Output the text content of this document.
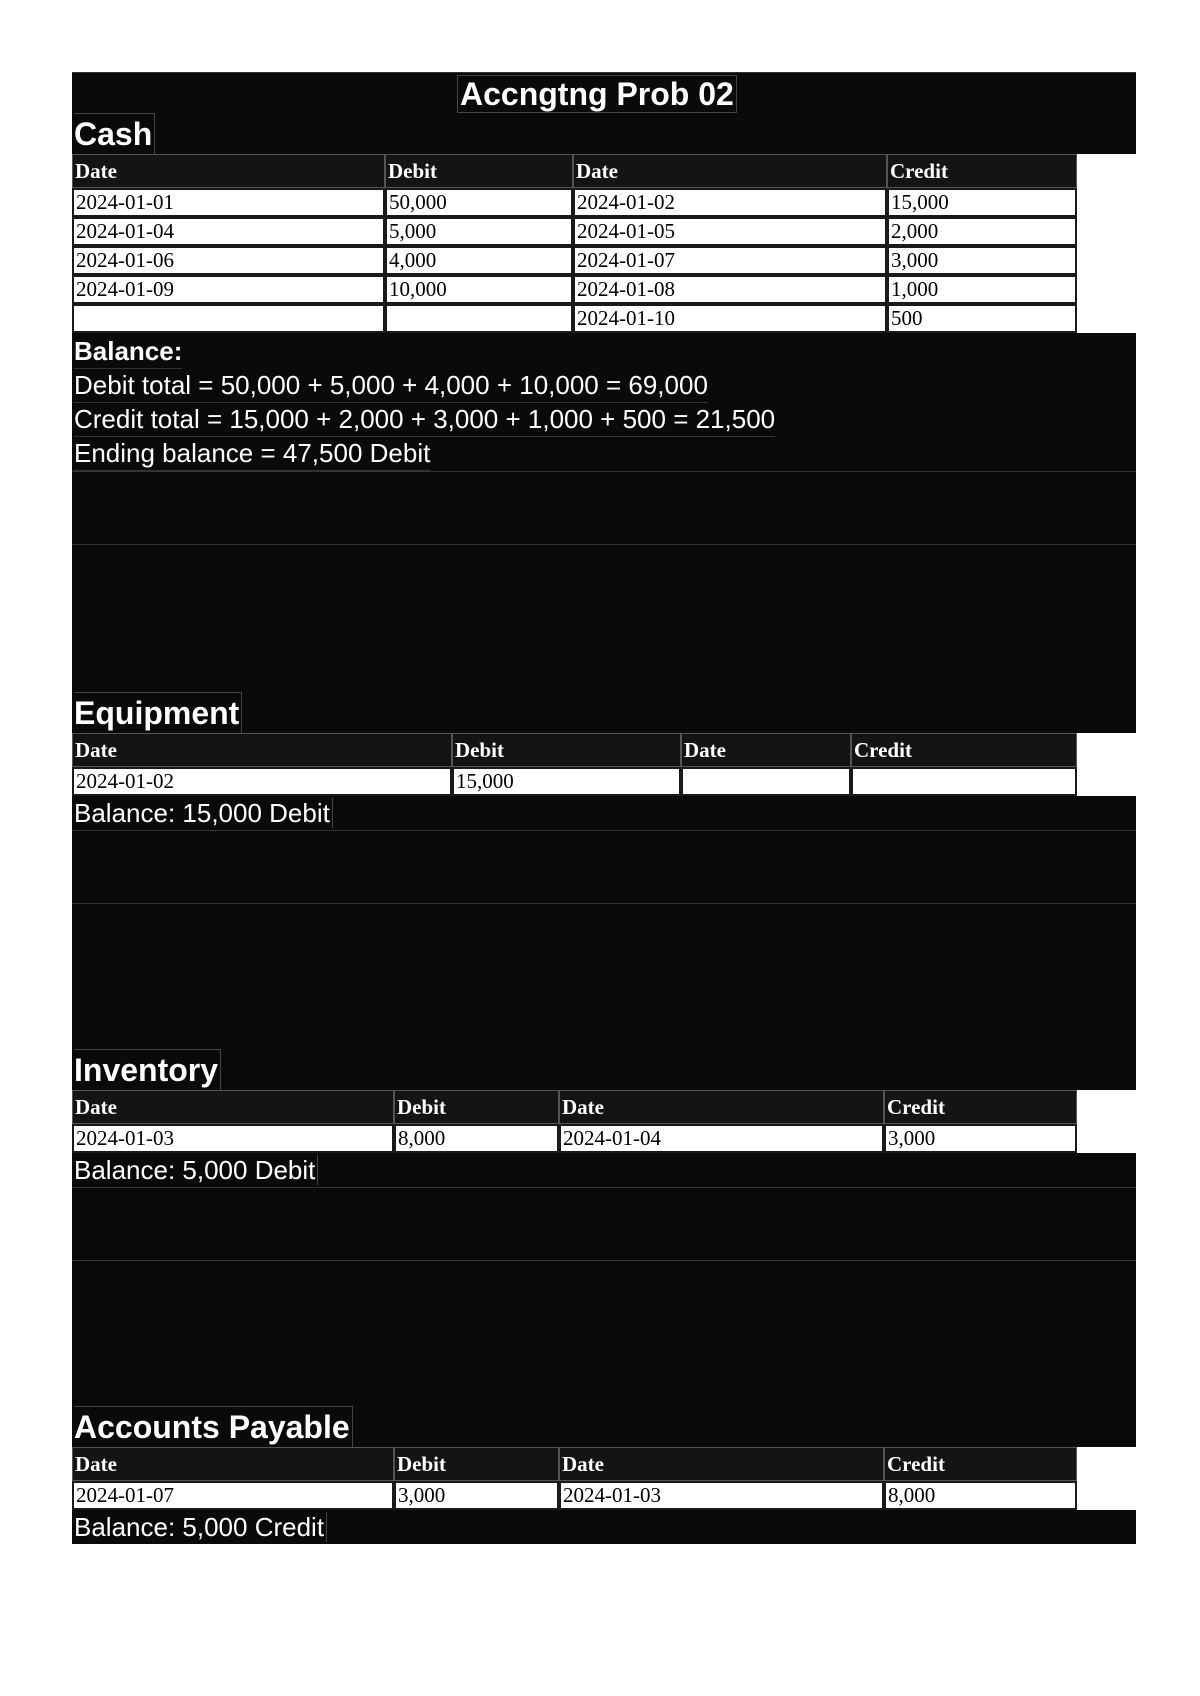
Accngtng Prob 02
Cash
Date	Debit	Date	Credit
2024-01-01	50,000	2024-01-02	15,000
2024-01-04	5,000	2024-01-05	2,000
2024-01-06	4,000	2024-01-07	3,000
2024-01-09	10,000	2024-01-08	1,000
		2024-01-10	500
Balance:
Debit total = 50,000 + 5,000 + 4,000 + 10,000 = 69,000
Credit total = 15,000 + 2,000 + 3,000 + 1,000 + 500 = 21,500
Ending balance = 47,500 Debit
Equipment
Date	Debit	Date	Credit
2024-01-02	15,000		
Balance: 15,000 Debit
Inventory
Date	Debit	Date	Credit
2024-01-03	8,000	2024-01-04	3,000
Balance: 5,000 Debit
Accounts Payable
Date	Debit	Date	Credit
2024-01-07	3,000	2024-01-03	8,000
Balance: 5,000 Credit
